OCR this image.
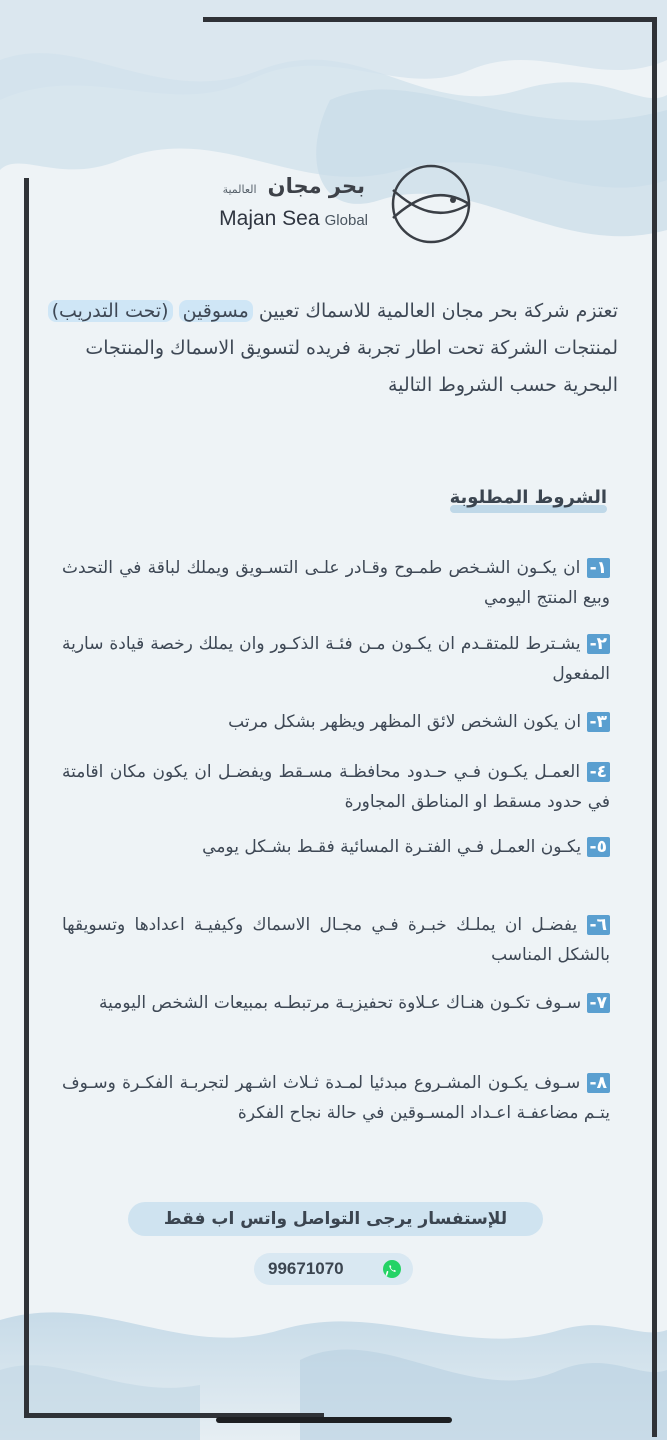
بحر مجان العالمية
Majan Sea Global
تعتزم شركة بحر مجان العالمية للاسماك تعيين مسوقين (تحت التدريب) لمنتجات الشركة تحت اطار تجربة فريده لتسويق الاسماك والمنتجات البحرية حسب الشروط التالية
الشروط المطلوبة
١- ان يكـون الشـخص طمـوح وقـادر علـى التسـويق ويملك لباقة في التحدث وبيع المنتج اليومي
٢- يشـترط للمتقـدم ان يكـون مـن فئـة الذكـور وان يملك رخصة قيادة سارية المفعول
٣- ان يكون الشخص لائق المظهر ويظهر بشكل مرتب
٤- العمـل يكـون فـي حـدود محافظـة مسـقط ويفضـل ان يكون مكان اقامتة في حدود مسقط او المناطق المجاورة
٥- يكـون العمـل فـي الفتـرة المسائية فقـط بشـكل يومي
٦- يفضـل ان يملـك خبـرة فـي مجـال الاسماك وكيفيـة اعدادها وتسويقها بالشكل المناسب
٧- سـوف تكـون هنـاك عـلاوة تحفيزيـة مرتبطـه بمبيعات الشخص اليومية
٨- سـوف يكـون المشـروع مبدئيا لمـدة ثـلاث اشـهر لتجربـة الفكـرة وسـوف يتـم مضاعفـة اعـداد المسـوقين في حالة نجاح الفكرة
للإستفسار يرجى التواصل واتس اب فقط
99671070
